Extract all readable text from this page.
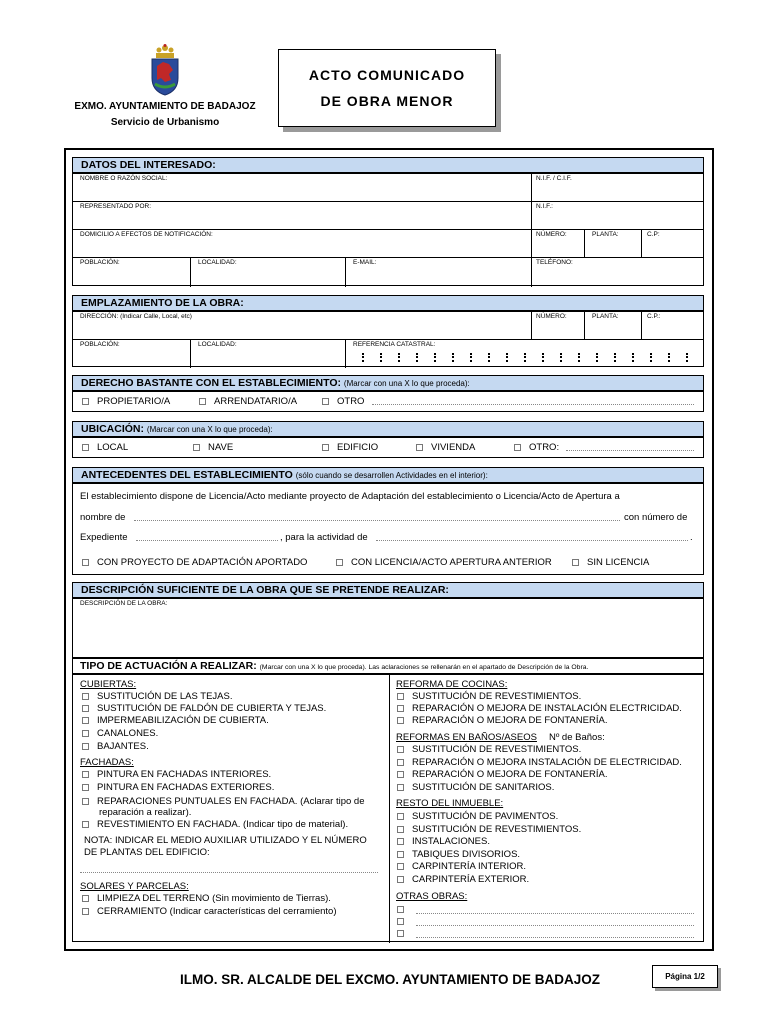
EXMO. AYUNTAMIENTO DE BADAJOZ
Servicio de Urbanismo
ACTO COMUNICADO
DE OBRA MENOR
DATOS DEL INTERESADO:
NOMBRE O RAZÓN SOCIAL:	N.I.F. / C.I.F.
REPRESENTADO POR:	N.I.F.:
DOMICILIO A EFECTOS DE NOTIFICACIÓN:	NÚMERO:	PLANTA:	C.P:
POBLACIÓN:	LOCALIDAD:	E-MAIL:	TELÉFONO:
EMPLAZAMIENTO DE LA OBRA:
DIRECCIÓN: (Indicar Calle, Local, etc)	NÚMERO:	PLANTA:	C.P.:
POBLACIÓN:	LOCALIDAD:	REFERENCIA CATASTRAL:
DERECHO BASTANTE CON EL ESTABLECIMIENTO: (Marcar con una X lo que proceda):
PROPIETARIO/A	ARRENDATARIO/A	OTRO
UBICACIÓN: (Marcar con una X lo que proceda):
LOCAL	NAVE	EDIFICIO	VIVIENDA	OTRO:
ANTECEDENTES DEL ESTABLECIMIENTO (sólo cuando se desarrollen Actividades en el interior):
El establecimiento dispone de Licencia/Acto mediante proyecto de Adaptación del establecimiento o Licencia/Acto de Apertura a
nombre de	con número de
Expediente	, para la actividad de	.
CON PROYECTO DE ADAPTACIÓN APORTADO	CON LICENCIA/ACTO APERTURA ANTERIOR	SIN LICENCIA
DESCRIPCIÓN SUFICIENTE DE LA OBRA QUE SE PRETENDE REALIZAR:
DESCRIPCIÓN DE LA OBRA:
TIPO DE ACTUACIÓN A REALIZAR: (Marcar con una X lo que proceda). Las aclaraciones se rellenarán en el apartado de Descripción de la Obra.
CUBIERTAS:
SUSTITUCIÓN DE LAS TEJAS.
SUSTITUCIÓN DE FALDÓN DE CUBIERTA Y TEJAS.
IMPERMEABILIZACIÓN DE CUBIERTA.
CANALONES.
BAJANTES.
FACHADAS:
PINTURA EN FACHADAS INTERIORES.
PINTURA EN FACHADAS EXTERIORES.
REPARACIONES PUNTUALES EN FACHADA. (Aclarar tipo de
reparación a realizar).
REVESTIMIENTO EN FACHADA. (Indicar tipo de material).
NOTA: INDICAR EL MEDIO AUXILIAR UTILIZADO Y EL NÚMERO
DE PLANTAS DEL EDIFICIO:
SOLARES Y PARCELAS:
LIMPIEZA DEL TERRENO (Sin movimiento de Tierras).
CERRAMIENTO (Indicar características del cerramiento)
REFORMA DE COCINAS:
SUSTITUCIÓN DE REVESTIMIENTOS.
REPARACIÓN O MEJORA DE INSTALACIÓN ELECTRICIDAD.
REPARACIÓN O MEJORA DE FONTANERÍA.
REFORMAS EN BAÑOS/ASEOS Nº de Baños:
SUSTITUCIÓN DE REVESTIMIENTOS.
REPARACIÓN O MEJORA INSTALACIÓN DE ELECTRICIDAD.
REPARACIÓN O MEJORA DE FONTANERÍA.
SUSTITUCIÓN DE SANITARIOS.
RESTO DEL INMUEBLE:
SUSTITUCIÓN DE PAVIMENTOS.
SUSTITUCIÓN DE REVESTIMIENTOS.
INSTALACIONES.
TABIQUES DIVISORIOS.
CARPINTERÍA INTERIOR.
CARPINTERÍA EXTERIOR.
OTRAS OBRAS:
ILMO. SR. ALCALDE DEL EXCMO. AYUNTAMIENTO DE BADAJOZ	Página 1/2
